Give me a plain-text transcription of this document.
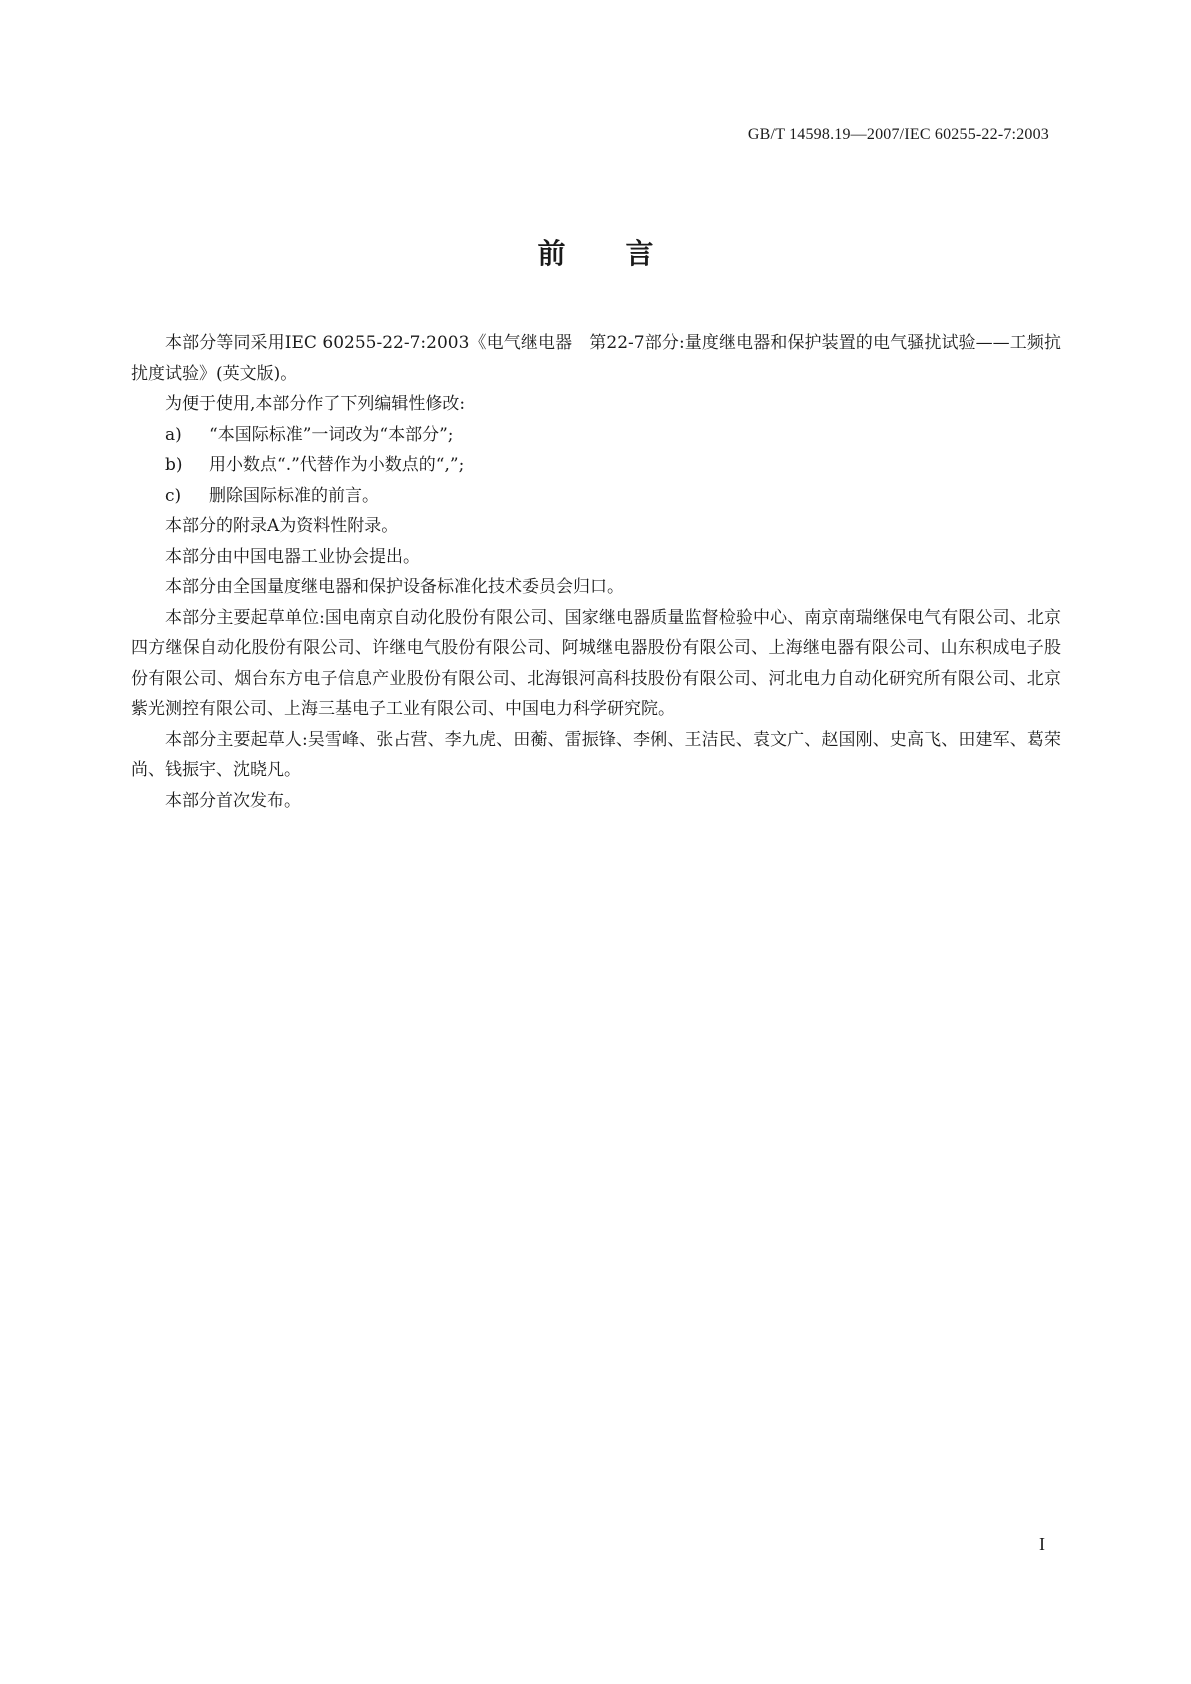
GB/T 14598.19—2007/IEC 60255-22-7:2003
前言

本部分等同采用IEC 60255-22-7:2003《电气继电器　第22-7部分:量度继电器和保护装置的电气骚扰试验——工频抗扰度试验》(英文版)。

为便于使用,本部分作了下列编辑性修改:

a) “本国际标准”一词改为“本部分”;

b) 用小数点“.”代替作为小数点的“,”;

c) 删除国际标准的前言。

本部分的附录A为资料性附录。

本部分由中国电器工业协会提出。

本部分由全国量度继电器和保护设备标准化技术委员会归口。

本部分主要起草单位:国电南京自动化股份有限公司、国家继电器质量监督检验中心、南京南瑞继保电气有限公司、北京四方继保自动化股份有限公司、许继电气股份有限公司、阿城继电器股份有限公司、上海继电器有限公司、山东积成电子股份有限公司、烟台东方电子信息产业股份有限公司、北海银河高科技股份有限公司、河北电力自动化研究所有限公司、北京紫光测控有限公司、上海三基电子工业有限公司、中国电力科学研究院。

本部分主要起草人:吴雪峰、张占营、李九虎、田蘅、雷振锋、李俐、王洁民、袁文广、赵国刚、史高飞、田建军、葛荣尚、钱振宇、沈晓凡。

本部分首次发布。

I
